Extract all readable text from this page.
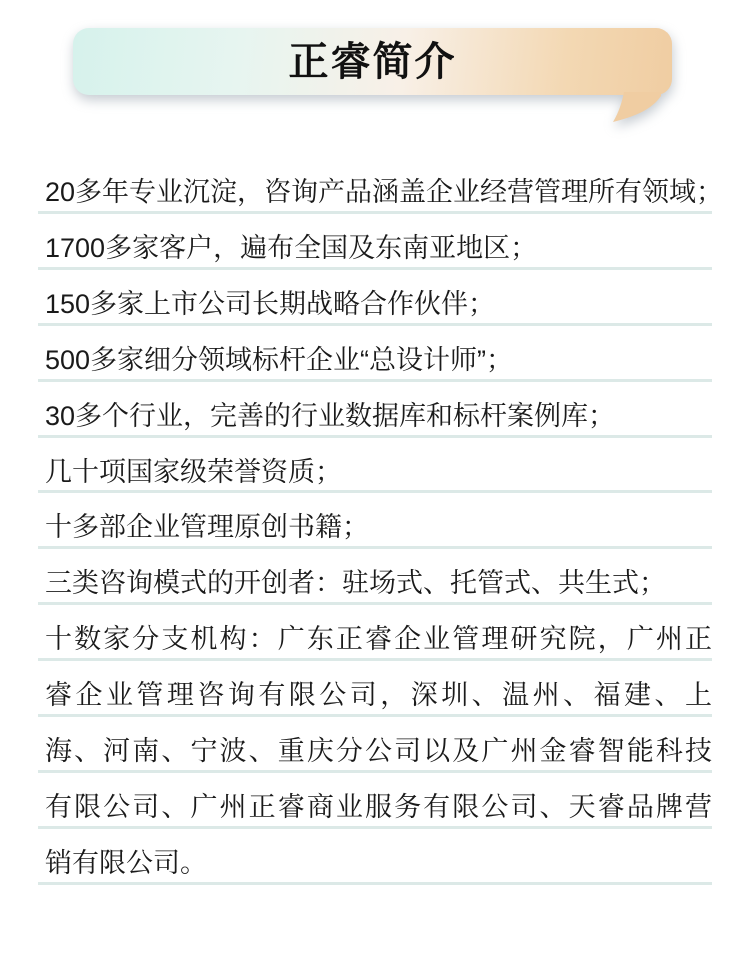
正睿简介
20多年专业沉淀，咨询产品涵盖企业经营管理所有领域；
1700多家客户，遍布全国及东南亚地区；
150多家上市公司长期战略合作伙伴；
500多家细分领域标杆企业“总设计师”；
30多个行业，完善的行业数据库和标杆案例库；
几十项国家级荣誉资质；
十多部企业管理原创书籍；
三类咨询模式的开创者：驻场式、托管式、共生式；
十数家分支机构：广东正睿企业管理研究院，广州正
睿企业管理咨询有限公司，深圳、温州、福建、上
海、河南、宁波、重庆分公司以及广州金睿智能科技
有限公司、广州正睿商业服务有限公司、天睿品牌营
销有限公司。
